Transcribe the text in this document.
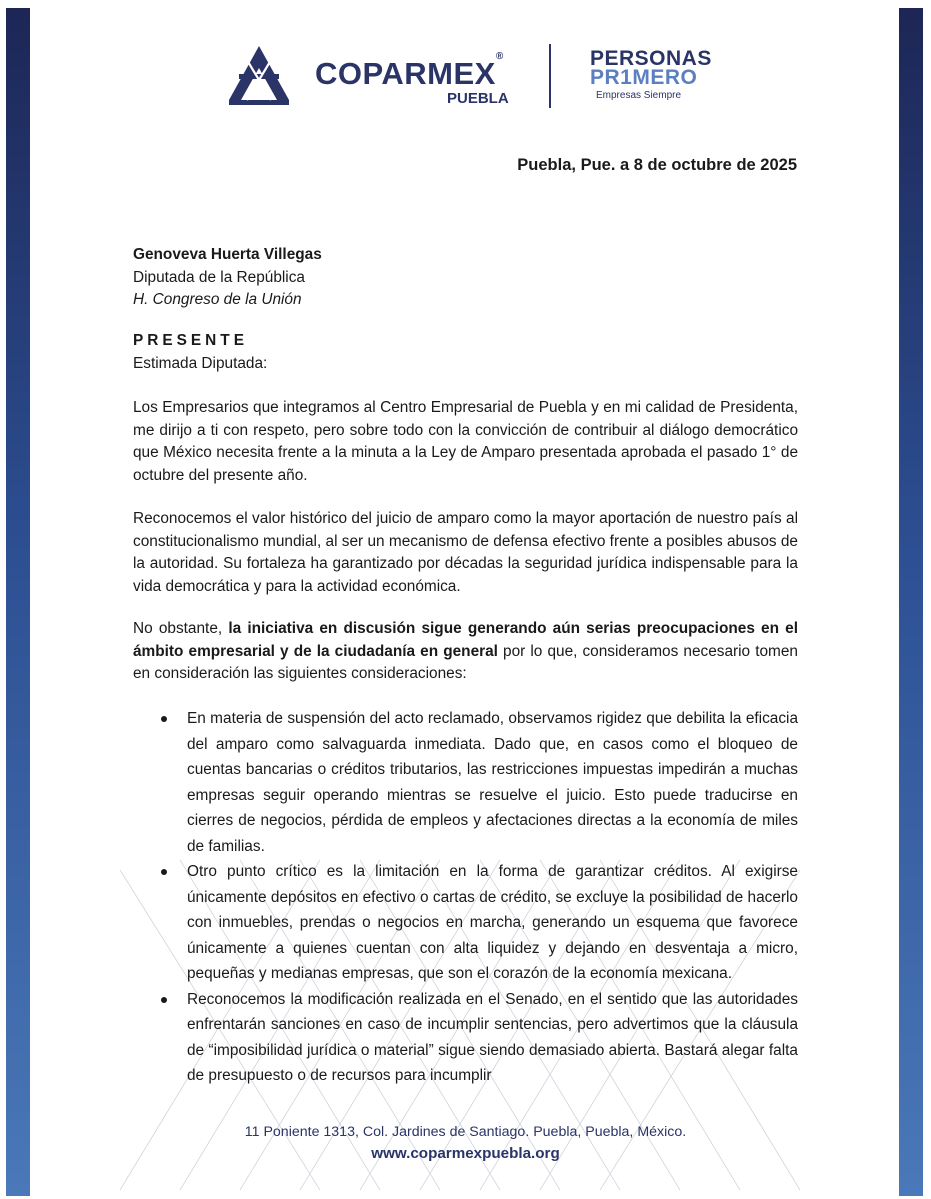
COPARMEX®
PUEBLA
PERSONAS
PR1MERO
Empresas Siempre
Puebla, Pue. a 8 de octubre de 2025
Genoveva Huerta Villegas
Diputada de la República
H. Congreso de la Unión
PRESENTE
Estimada Diputada:
Los Empresarios que integramos al Centro Empresarial de Puebla y en mi calidad de Presidenta, me dirijo a ti con respeto, pero sobre todo con la convicción de contribuir al diálogo democrático que México necesita frente a la minuta a la Ley de Amparo presentada aprobada el pasado 1° de octubre del presente año.
Reconocemos el valor histórico del juicio de amparo como la mayor aportación de nuestro país al constitucionalismo mundial, al ser un mecanismo de defensa efectivo frente a posibles abusos de la autoridad. Su fortaleza ha garantizado por décadas la seguridad jurídica indispensable para la vida democrática y para la actividad económica.
No obstante, la iniciativa en discusión sigue generando aún serias preocupaciones en el ámbito empresarial y de la ciudadanía en general por lo que, consideramos necesario tomen en consideración las siguientes consideraciones:
En materia de suspensión del acto reclamado, observamos rigidez que debilita la eficacia del amparo como salvaguarda inmediata. Dado que, en casos como el bloqueo de cuentas bancarias o créditos tributarios, las restricciones impuestas impedirán a muchas empresas seguir operando mientras se resuelve el juicio. Esto puede traducirse en cierres de negocios, pérdida de empleos y afectaciones directas a la economía de miles de familias.
Otro punto crítico es la limitación en la forma de garantizar créditos. Al exigirse únicamente depósitos en efectivo o cartas de crédito, se excluye la posibilidad de hacerlo con inmuebles, prendas o negocios en marcha, generando un esquema que favorece únicamente a quienes cuentan con alta liquidez y dejando en desventaja a micro, pequeñas y medianas empresas, que son el corazón de la economía mexicana.
Reconocemos la modificación realizada en el Senado, en el sentido que las autoridades enfrentarán sanciones en caso de incumplir sentencias, pero advertimos que la cláusula de “imposibilidad jurídica o material” sigue siendo demasiado abierta. Bastará alegar falta de presupuesto o de recursos para incumplir
11 Poniente 1313, Col. Jardines de Santiago. Puebla, Puebla, México.
www.coparmexpuebla.org
